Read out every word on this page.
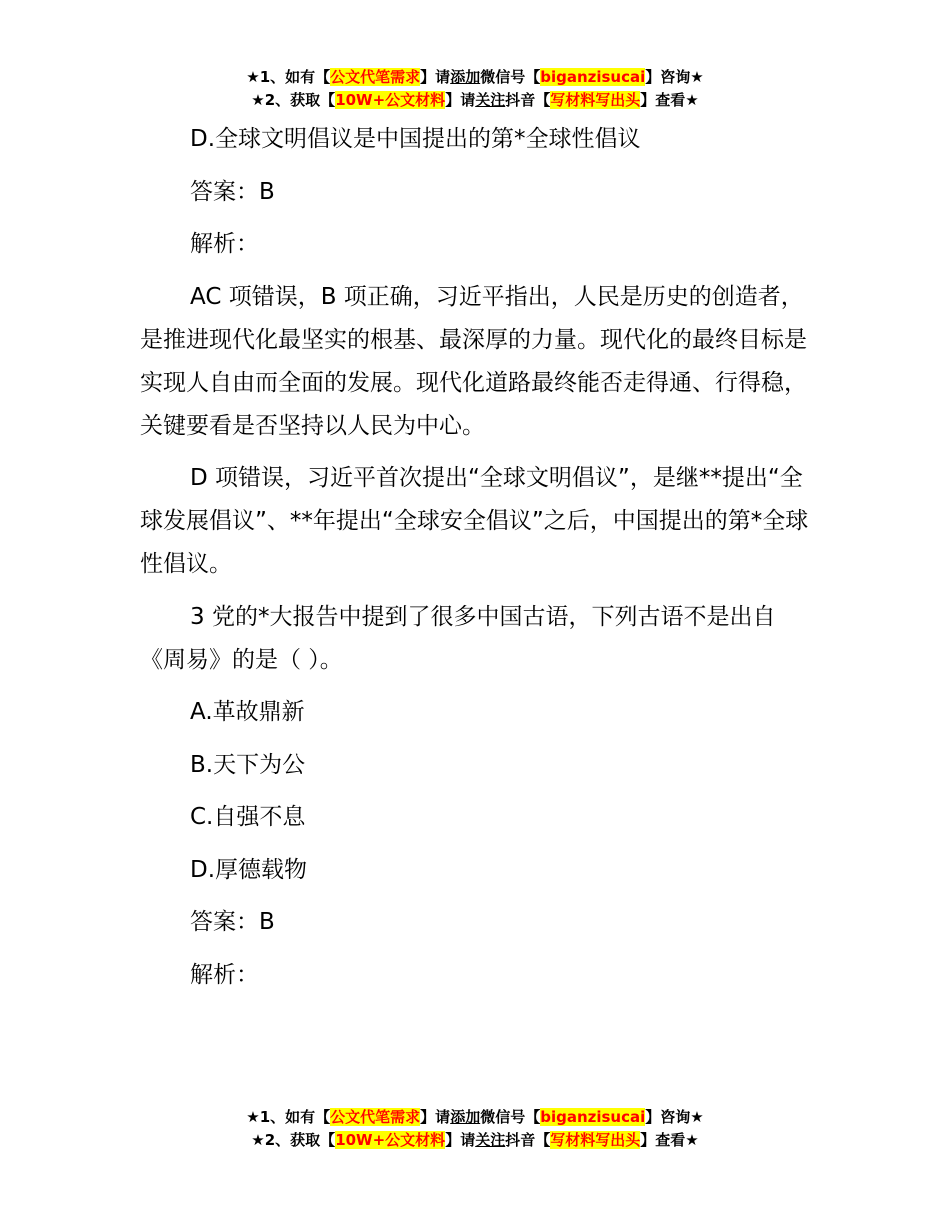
★1、如有【公文代笔需求】请添加微信号【biganzisucai】咨询★
★2、获取【10W+公文材料】请关注抖音【写材料写出头】查看★

D.全球文明倡议是中国提出的第*全球性倡议

答案：B

解析：

AC 项错误，B 项正确，习近平指出，人民是历史的创造者，是推进现代化最坚实的根基、最深厚的力量。现代化的最终目标是实现人自由而全面的发展。现代化道路最终能否走得通、行得稳，关键要看是否坚持以人民为中心。

D 项错误，习近平首次提出“全球文明倡议”，是继**提出“全球发展倡议”、**年提出“全球安全倡议”之后，中国提出的第*全球性倡议。

3 党的*大报告中提到了很多中国古语，下列古语不是出自《周易》的是（ ）。

A.革故鼎新

B.天下为公

C.自强不息

D.厚德载物

答案：B

解析：

★1、如有【公文代笔需求】请添加微信号【biganzisucai】咨询★
★2、获取【10W+公文材料】请关注抖音【写材料写出头】查看★
